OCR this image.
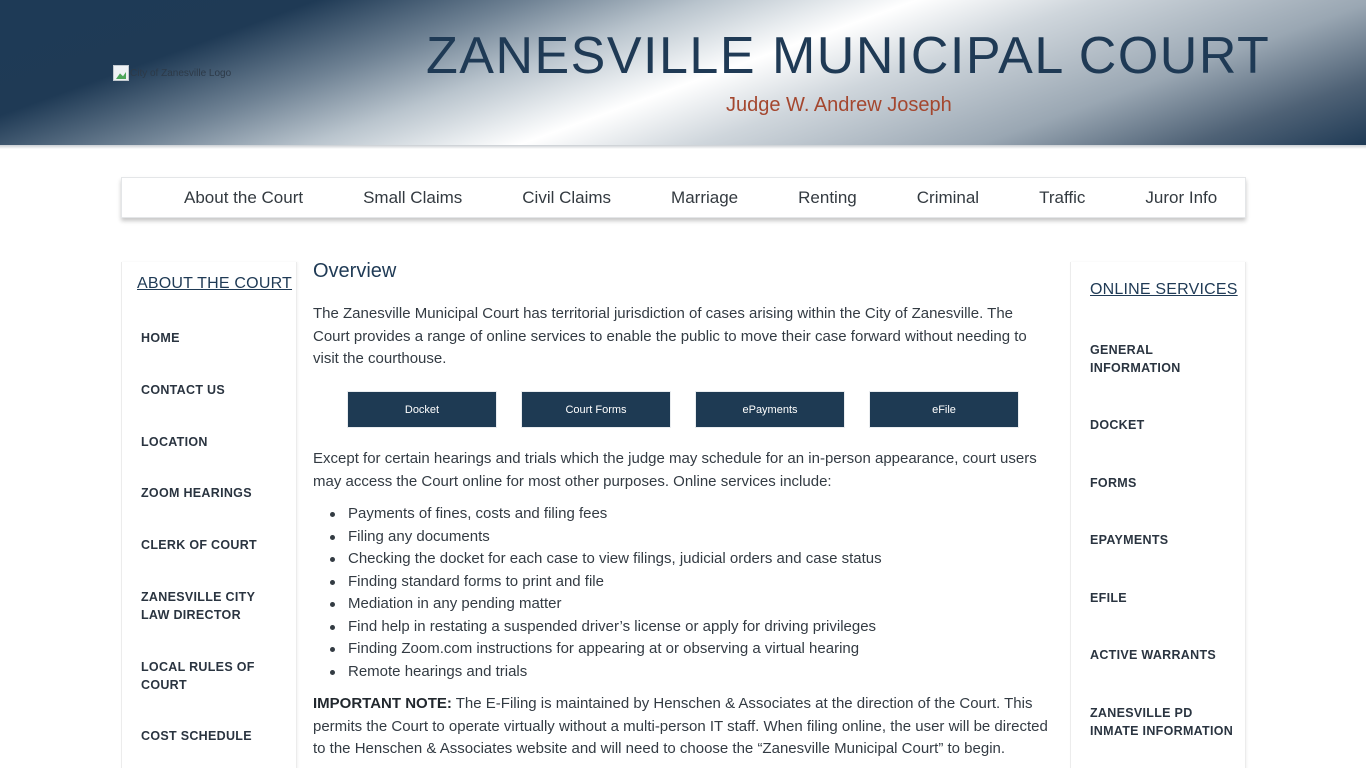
City of Zanesville Logo	ZANESVILLE MUNICIPAL COURT
Judge W. Andrew Joseph
About the Court	Small Claims	Civil Claims	Marriage	Renting	Criminal	Traffic	Juror Info
ABOUT THE COURT
HOME
CONTACT US
LOCATION
ZOOM HEARINGS
CLERK OF COURT
ZANESVILLE CITY LAW DIRECTOR
LOCAL RULES OF COURT
COST SCHEDULE
Overview

The Zanesville Municipal Court has territorial jurisdiction of cases arising within the City of Zanesville. The Court provides a range of online services to enable the public to move their case forward without needing to visit the courthouse.

Docket	Court Forms	ePayments	eFile

Except for certain hearings and trials which the judge may schedule for an in-person appearance, court users may access the Court online for most other purposes. Online services include:

Payments of fines, costs and filing fees
Filing any documents
Checking the docket for each case to view filings, judicial orders and case status
Finding standard forms to print and file
Mediation in any pending matter
Find help in restating a suspended driver’s license or apply for driving privileges
Finding Zoom.com instructions for appearing at or observing a virtual hearing
Remote hearings and trials

IMPORTANT NOTE: The E-Filing is maintained by Henschen & Associates at the direction of the Court. This permits the Court to operate virtually without a multi-person IT staff. When filing online, the user will be directed to the Henschen & Associates website and will need to choose the “Zanesville Municipal Court” to begin.

ONLINE SERVICES
GENERAL INFORMATION
DOCKET
FORMS
EPAYMENTS
EFILE
ACTIVE WARRANTS
ZANESVILLE PD INMATE INFORMATION
